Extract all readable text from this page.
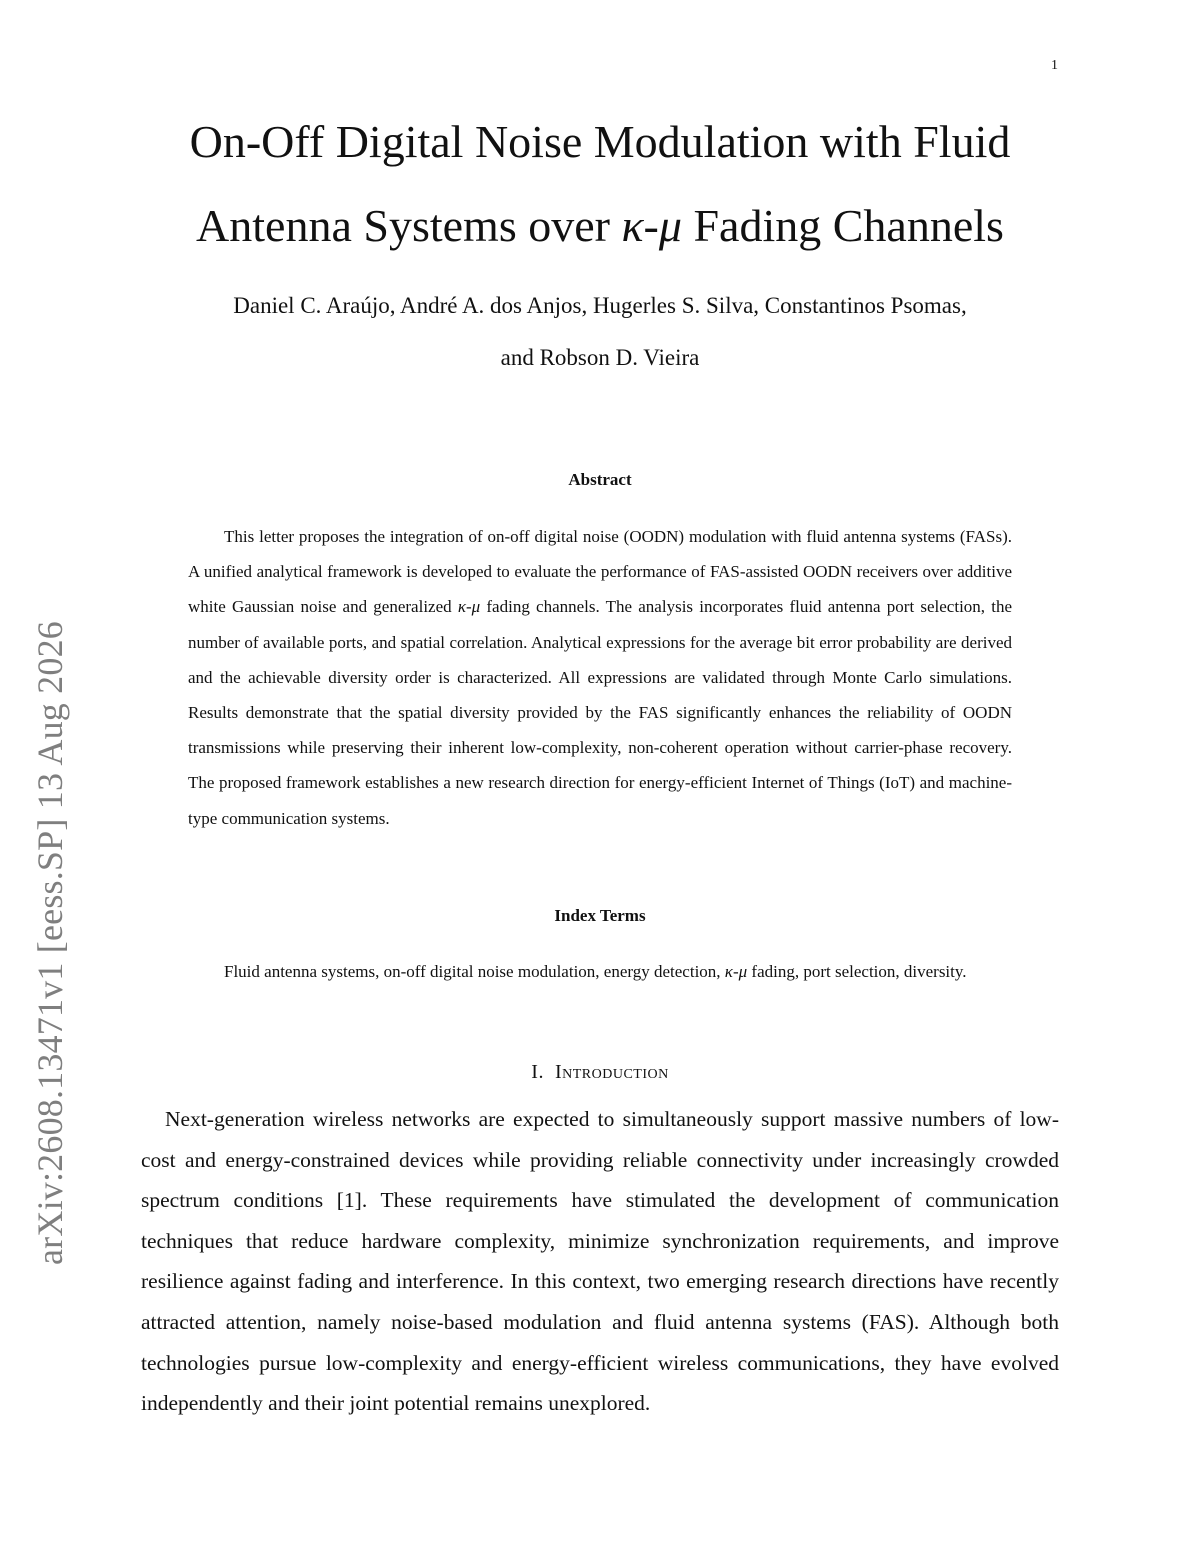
1
arXiv:2608.13471v1 [eess.SP] 13 Aug 2026
On-Off Digital Noise Modulation with Fluid
Antenna Systems over κ-μ Fading Channels
Daniel C. Araújo, André A. dos Anjos, Hugerles S. Silva, Constantinos Psomas,
and Robson D. Vieira
Abstract

This letter proposes the integration of on-off digital noise (OODN) modulation with fluid antenna systems (FASs). A unified analytical framework is developed to evaluate the performance of FAS-assisted OODN receivers over additive white Gaussian noise and generalized κ-μ fading channels. The analysis incorporates fluid antenna port selection, the number of available ports, and spatial correlation. Analytical expressions for the average bit error probability are derived and the achievable diversity order is characterized. All expressions are validated through Monte Carlo simulations. Results demonstrate that the spatial diversity provided by the FAS significantly enhances the reliability of OODN transmissions while preserving their inherent low-complexity, non-coherent operation without carrier-phase recovery. The proposed framework establishes a new research direction for energy-efficient Internet of Things (IoT) and machine-type communication systems.

Index Terms

Fluid antenna systems, on-off digital noise modulation, energy detection, κ-μ fading, port selection, diversity.

I. Introduction

Next-generation wireless networks are expected to simultaneously support massive numbers of low-cost and energy-constrained devices while providing reliable connectivity under increasingly crowded spectrum conditions [1]. These requirements have stimulated the development of communication techniques that reduce hardware complexity, minimize synchronization requirements, and improve resilience against fading and interference. In this context, two emerging research directions have recently attracted attention, namely noise-based modulation and fluid antenna systems (FAS). Although both technologies pursue low-complexity and energy-efficient wireless communications, they have evolved independently and their joint potential remains unexplored.
